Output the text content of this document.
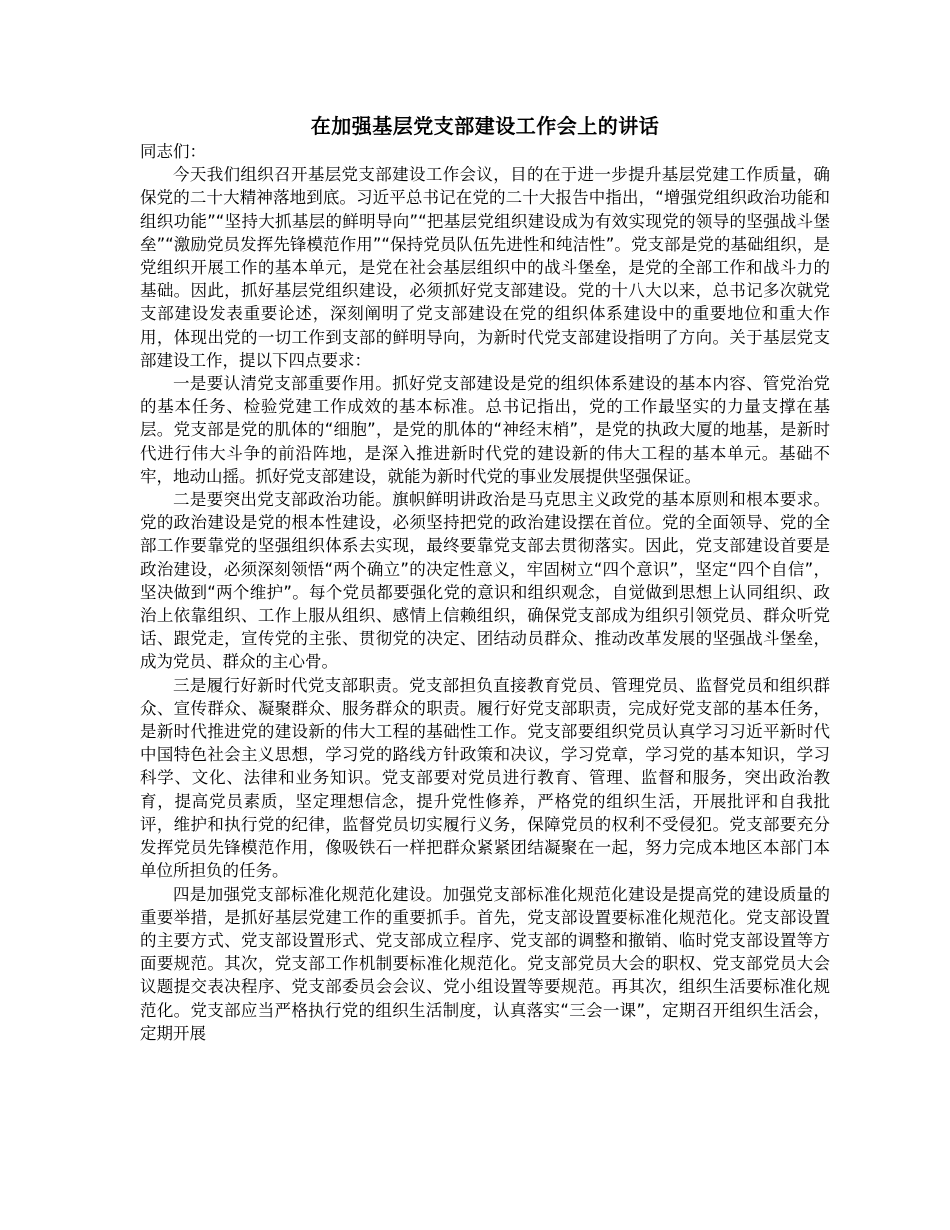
在加强基层党支部建设工作会上的讲话

同志们：

今天我们组织召开基层党支部建设工作会议，目的在于进一步提升基层党建工作质量，确保党的二十大精神落地到底。习近平总书记在党的二十大报告中指出，“增强党组织政治功能和组织功能”“坚持大抓基层的鲜明导向”“把基层党组织建设成为有效实现党的领导的坚强战斗堡垒”“激励党员发挥先锋模范作用”“保持党员队伍先进性和纯洁性”。党支部是党的基础组织，是党组织开展工作的基本单元，是党在社会基层组织中的战斗堡垒，是党的全部工作和战斗力的基础。因此，抓好基层党组织建设，必须抓好党支部建设。党的十八大以来，总书记多次就党支部建设发表重要论述，深刻阐明了党支部建设在党的组织体系建设中的重要地位和重大作用，体现出党的一切工作到支部的鲜明导向，为新时代党支部建设指明了方向。关于基层党支部建设工作，提以下四点要求：

一是要认清党支部重要作用。抓好党支部建设是党的组织体系建设的基本内容、管党治党的基本任务、检验党建工作成效的基本标准。总书记指出，党的工作最坚实的力量支撑在基层。党支部是党的肌体的“细胞”，是党的肌体的“神经末梢”，是党的执政大厦的地基，是新时代进行伟大斗争的前沿阵地，是深入推进新时代党的建设新的伟大工程的基本单元。基础不牢，地动山摇。抓好党支部建设，就能为新时代党的事业发展提供坚强保证。

二是要突出党支部政治功能。旗帜鲜明讲政治是马克思主义政党的基本原则和根本要求。党的政治建设是党的根本性建设，必须坚持把党的政治建设摆在首位。党的全面领导、党的全部工作要靠党的坚强组织体系去实现，最终要靠党支部去贯彻落实。因此，党支部建设首要是政治建设，必须深刻领悟“两个确立”的决定性意义，牢固树立“四个意识”，坚定“四个自信”，坚决做到“两个维护”。每个党员都要强化党的意识和组织观念，自觉做到思想上认同组织、政治上依靠组织、工作上服从组织、感情上信赖组织，确保党支部成为组织引领党员、群众听党话、跟党走，宣传党的主张、贯彻党的决定、团结动员群众、推动改革发展的坚强战斗堡垒，成为党员、群众的主心骨。

三是履行好新时代党支部职责。党支部担负直接教育党员、管理党员、监督党员和组织群众、宣传群众、凝聚群众、服务群众的职责。履行好党支部职责，完成好党支部的基本任务，是新时代推进党的建设新的伟大工程的基础性工作。党支部要组织党员认真学习习近平新时代中国特色社会主义思想，学习党的路线方针政策和决议，学习党章，学习党的基本知识，学习科学、文化、法律和业务知识。党支部要对党员进行教育、管理、监督和服务，突出政治教育，提高党员素质，坚定理想信念，提升党性修养，严格党的组织生活，开展批评和自我批评，维护和执行党的纪律，监督党员切实履行义务，保障党员的权利不受侵犯。党支部要充分发挥党员先锋模范作用，像吸铁石一样把群众紧紧团结凝聚在一起，努力完成本地区本部门本单位所担负的任务。

四是加强党支部标准化规范化建设。加强党支部标准化规范化建设是提高党的建设质量的重要举措，是抓好基层党建工作的重要抓手。首先，党支部设置要标准化规范化。党支部设置的主要方式、党支部设置形式、党支部成立程序、党支部的调整和撤销、临时党支部设置等方面要规范。其次，党支部工作机制要标准化规范化。党支部党员大会的职权、党支部党员大会议题提交表决程序、党支部委员会会议、党小组设置等要规范。再其次，组织生活要标准化规范化。党支部应当严格执行党的组织生活制度，认真落实“三会一课”，定期召开组织生活会，定期开展
